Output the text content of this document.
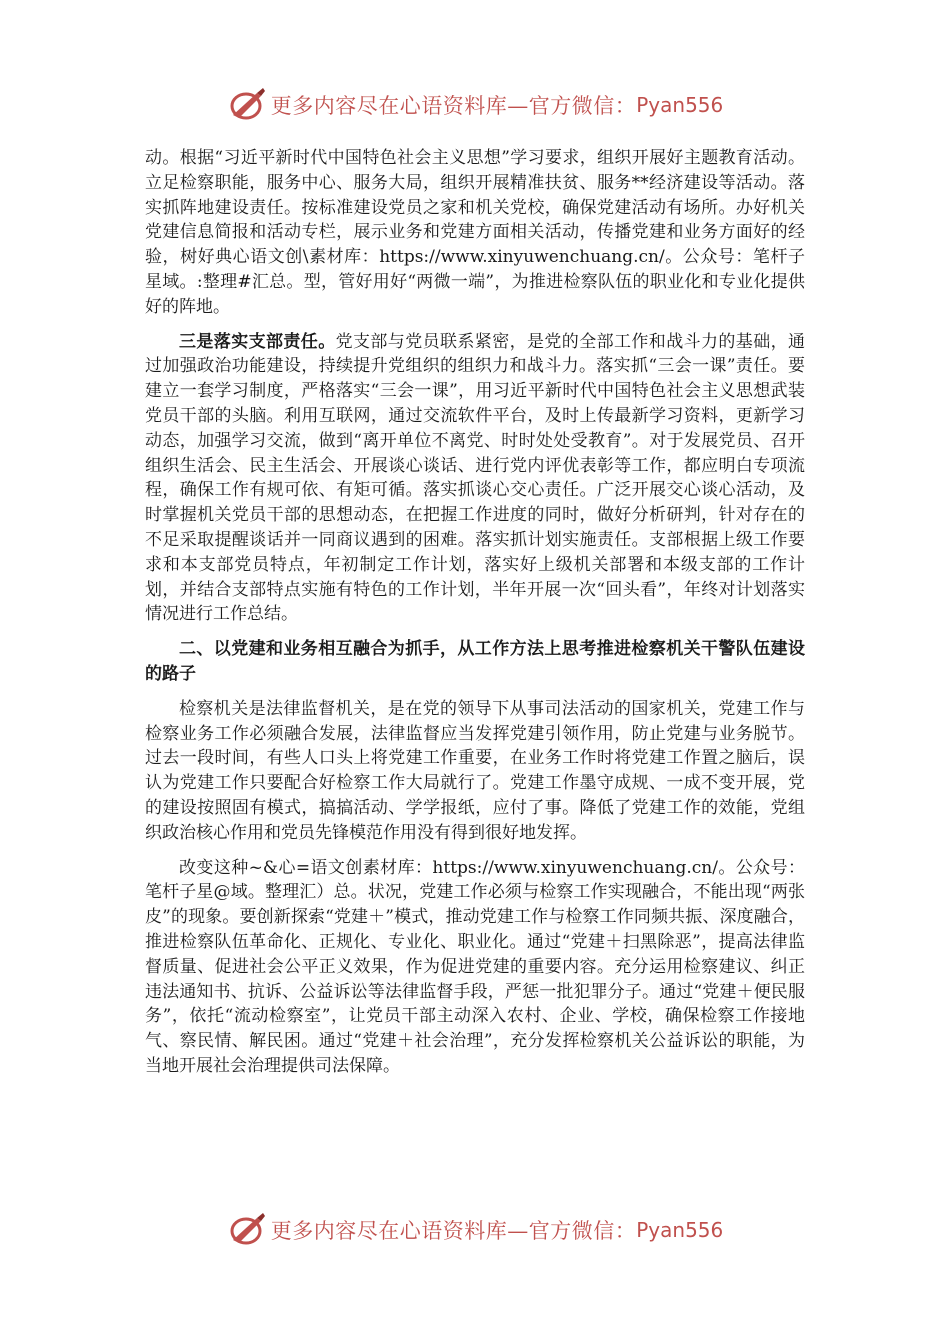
更多内容尽在心语资料库—官方微信： Pyan556

动。根据“习近平新时代中国特色社会主义思想”学习要求，组织开展好主题教育活动。立足检察职能，服务中心、服务大局，组织开展精准扶贫、服务**经济建设等活动。落实抓阵地建设责任。按标准建设党员之家和机关党校，确保党建活动有场所。办好机关党建信息简报和活动专栏，展示业务和党建方面相关活动，传播党建和业务方面好的经验，树好典心语文创\素材库：https://www.xinyuwenchuang.cn/。公众号：笔杆子星域。:整理#汇总。型，管好用好“两微一端”，为推进检察队伍的职业化和专业化提供好的阵地。

三是落实支部责任。党支部与党员联系紧密，是党的全部工作和战斗力的基础，通过加强政治功能建设，持续提升党组织的组织力和战斗力。落实抓“三会一课”责任。要建立一套学习制度，严格落实“三会一课”，用习近平新时代中国特色社会主义思想武装党员干部的头脑。利用互联网，通过交流软件平台，及时上传最新学习资料，更新学习动态，加强学习交流，做到“离开单位不离党、时时处处受教育”。对于发展党员、召开组织生活会、民主生活会、开展谈心谈话、进行党内评优表彰等工作，都应明白专项流程，确保工作有规可依、有矩可循。落实抓谈心交心责任。广泛开展交心谈心活动，及时掌握机关党员干部的思想动态，在把握工作进度的同时，做好分析研判，针对存在的不足采取提醒谈话并一同商议遇到的困难。落实抓计划实施责任。支部根据上级工作要求和本支部党员特点，年初制定工作计划，落实好上级机关部署和本级支部的工作计划，并结合支部特点实施有特色的工作计划，半年开展一次“回头看”，年终对计划落实情况进行工作总结。

二、以党建和业务相互融合为抓手，从工作方法上思考推进检察机关干警队伍建设的路子

检察机关是法律监督机关，是在党的领导下从事司法活动的国家机关，党建工作与检察业务工作必须融合发展，法律监督应当发挥党建引领作用，防止党建与业务脱节。过去一段时间，有些人口头上将党建工作重要，在业务工作时将党建工作置之脑后，误认为党建工作只要配合好检察工作大局就行了。党建工作墨守成规、一成不变开展，党的建设按照固有模式，搞搞活动、学学报纸，应付了事。降低了党建工作的效能，党组织政治核心作用和党员先锋模范作用没有得到很好地发挥。

改变这种~&心=语文创素材库：https://www.xinyuwenchuang.cn/。公众号：笔杆子星@域。整理汇）总。状况，党建工作必须与检察工作实现融合，不能出现“两张皮”的现象。要创新探索“党建＋”模式，推动党建工作与检察工作同频共振、深度融合，推进检察队伍革命化、正规化、专业化、职业化。通过“党建＋扫黑除恶”，提高法律监督质量、促进社会公平正义效果，作为促进党建的重要内容。充分运用检察建议、纠正违法通知书、抗诉、公益诉讼等法律监督手段，严惩一批犯罪分子。通过“党建＋便民服务”，依托“流动检察室”，让党员干部主动深入农村、企业、学校，确保检察工作接地气、察民情、解民困。通过“党建＋社会治理”，充分发挥检察机关公益诉讼的职能，为当地开展社会治理提供司法保障。

更多内容尽在心语资料库—官方微信： Pyan556
